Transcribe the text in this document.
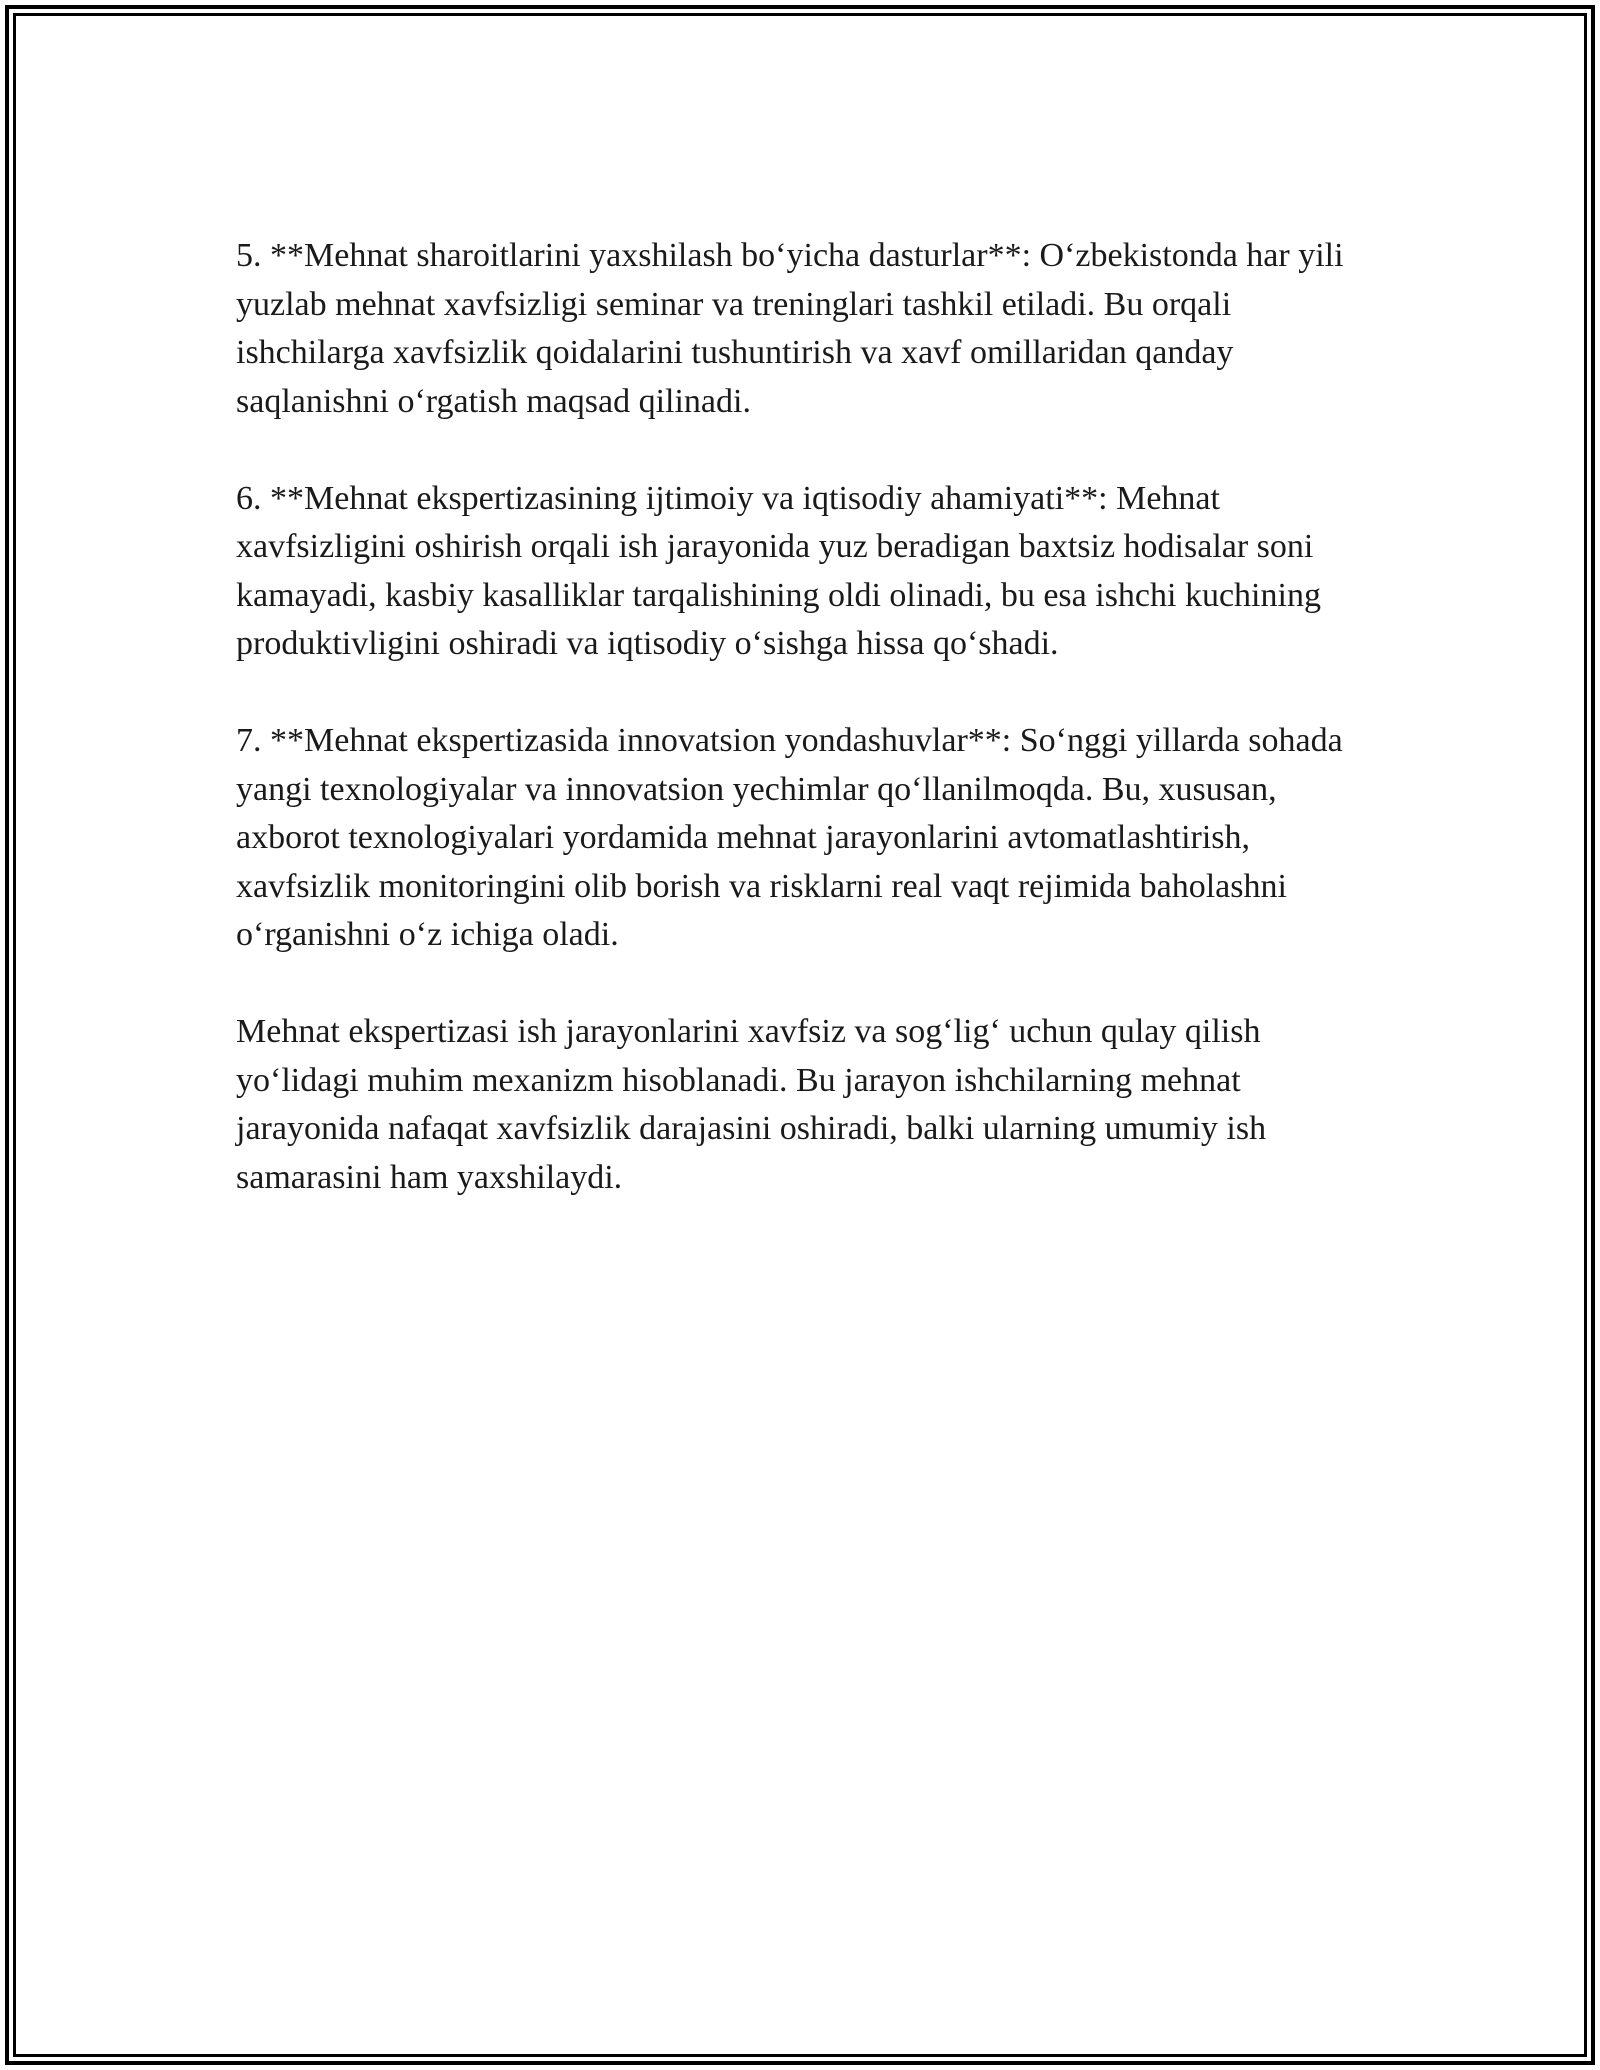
5. **Mehnat sharoitlarini yaxshilash bo‘yicha dasturlar**: O‘zbekistonda har yili yuzlab mehnat xavfsizligi seminar va treninglari tashkil etiladi. Bu orqali ishchilarga xavfsizlik qoidalarini tushuntirish va xavf omillaridan qanday saqlanishni o‘rgatish maqsad qilinadi.

6. **Mehnat ekspertizasining ijtimoiy va iqtisodiy ahamiyati**: Mehnat xavfsizligini oshirish orqali ish jarayonida yuz beradigan baxtsiz hodisalar soni kamayadi, kasbiy kasalliklar tarqalishining oldi olinadi, bu esa ishchi kuchining produktivligini oshiradi va iqtisodiy o‘sishga hissa qo‘shadi.

7. **Mehnat ekspertizasida innovatsion yondashuvlar**: So‘nggi yillarda sohada yangi texnologiyalar va innovatsion yechimlar qo‘llanilmoqda. Bu, xususan, axborot texnologiyalari yordamida mehnat jarayonlarini avtomatlashtirish, xavfsizlik monitoringini olib borish va risklarni real vaqt rejimida baholashni o‘rganishni o‘z ichiga oladi.

Mehnat ekspertizasi ish jarayonlarini xavfsiz va sog‘lig‘ uchun qulay qilish yo‘lidagi muhim mexanizm hisoblanadi. Bu jarayon ishchilarning mehnat jarayonida nafaqat xavfsizlik darajasini oshiradi, balki ularning umumiy ish samarasini ham yaxshilaydi.
